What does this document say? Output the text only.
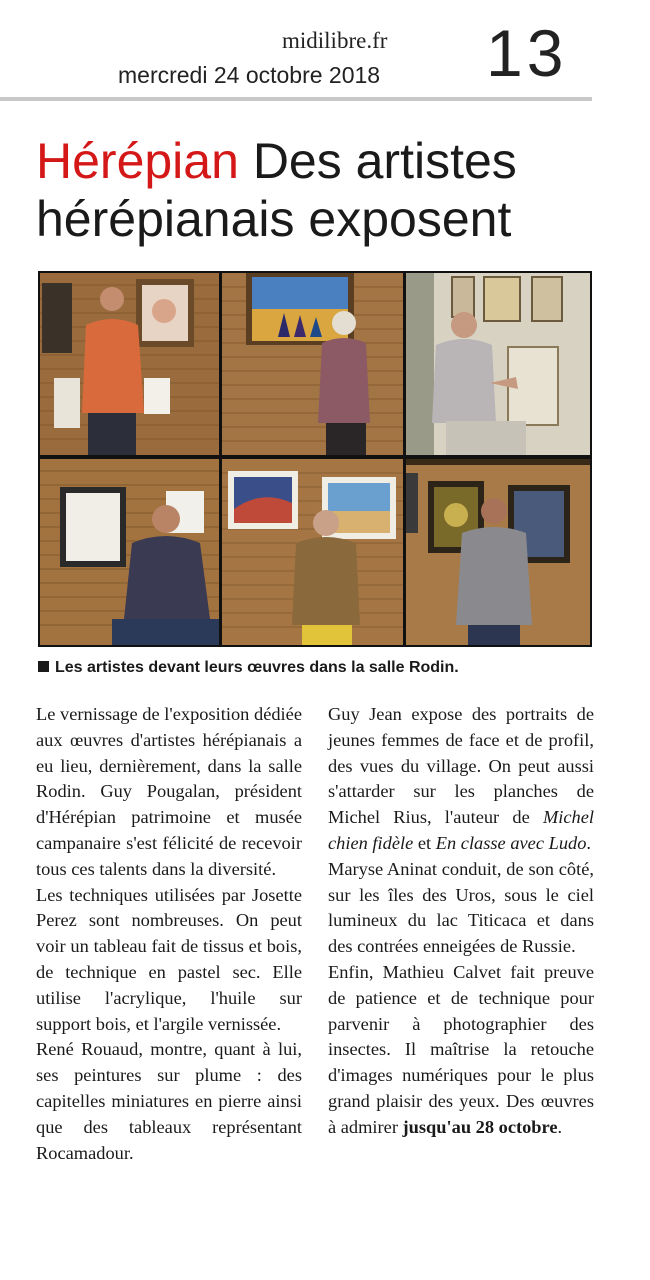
midilibre.fr
mercredi 24 octobre 2018 13
Hérépian Des artistes hérépianais exposent
Les artistes devant leurs œuvres dans la salle Rodin.

Le vernissage de l'exposition dédiée aux œuvres d'artistes hérépianais a eu lieu, dernièrement, dans la salle Rodin. Guy Pougalan, président d'Hérépian patrimoine et musée campanaire s'est félicité de recevoir tous ces talents dans la diversité.

Les techniques utilisées par Josette Perez sont nombreuses. On peut voir un tableau fait de tissus et bois, de technique en pastel sec. Elle utilise l'acrylique, l'huile sur support bois, et l'argile vernissée.

René Rouaud, montre, quant à lui, ses peintures sur plume : des capitelles miniatures en pierre ainsi que des tableaux représentant Rocamadour.

Guy Jean expose des portraits de jeunes femmes de face et de profil, des vues du village. On peut aussi s'attarder sur les planches de Michel Rius, l'auteur de Michel chien fidèle et En classe avec Ludo.

Maryse Aninat conduit, de son côté, sur les îles des Uros, sous le ciel lumineux du lac Titicaca et dans des contrées enneigées de Russie.

Enfin, Mathieu Calvet fait preuve de patience et de technique pour parvenir à photographier des insectes. Il maîtrise la retouche d'images numériques pour le plus grand plaisir des yeux. Des œuvres à admirer jusqu'au 28 octobre.
